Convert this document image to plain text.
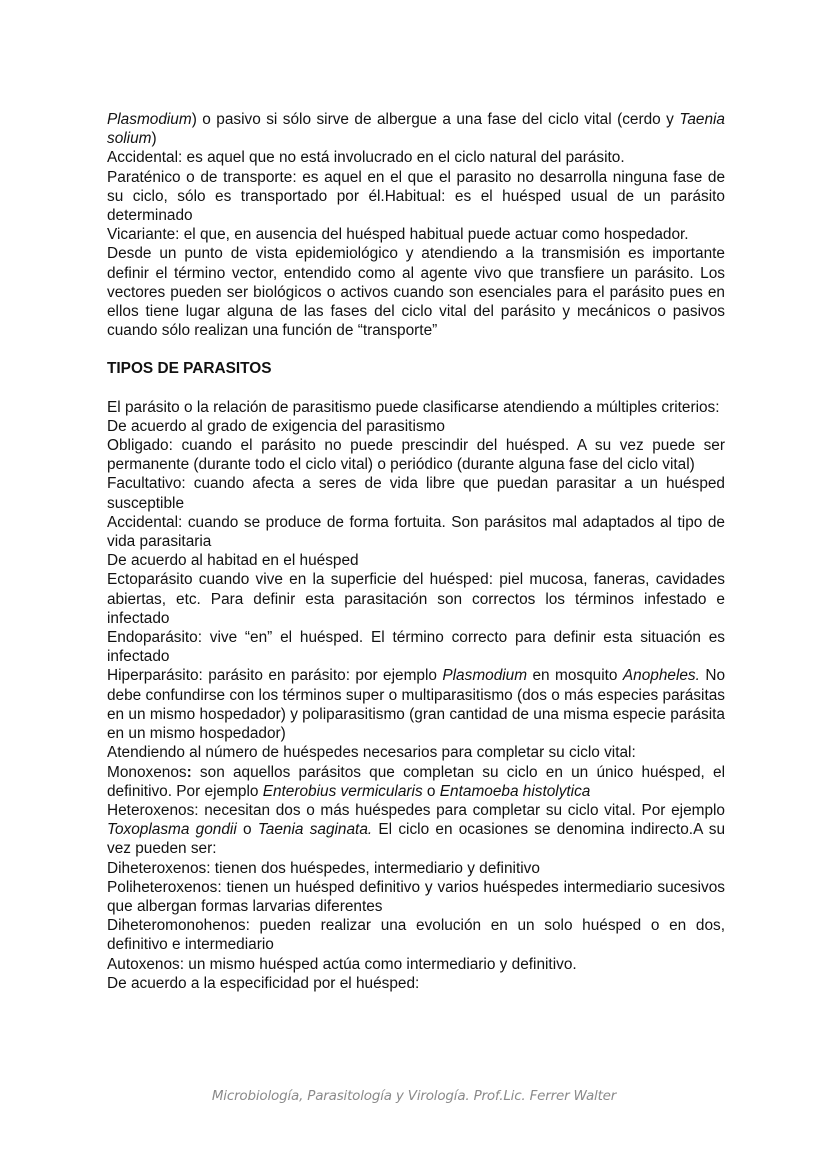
Plasmodium) o pasivo si sólo sirve de albergue a una fase del ciclo vital (cerdo y Taenia solium)

Accidental: es aquel que no está involucrado en el ciclo natural del parásito.

Paraténico o de transporte: es aquel en el que el parasito no desarrolla ninguna fase de su ciclo, sólo es transportado por él.Habitual: es el huésped usual de un parásito determinado

Vicariante: el que, en ausencia del huésped habitual puede actuar como hospedador.

Desde un punto de vista epidemiológico y atendiendo a la transmisión es importante definir el término vector, entendido como al agente vivo que transfiere un parásito. Los vectores pueden ser biológicos o activos cuando son esenciales para el parásito pues en ellos tiene lugar alguna de las fases del ciclo vital del parásito y mecánicos o pasivos cuando sólo realizan una función de “transporte”

TIPOS DE PARASITOS

El parásito o la relación de parasitismo puede clasificarse atendiendo a múltiples criterios:

De acuerdo al grado de exigencia del parasitismo

Obligado: cuando el parásito no puede prescindir del huésped. A su vez puede ser permanente (durante todo el ciclo vital) o periódico (durante alguna fase del ciclo vital)

Facultativo: cuando afecta a seres de vida libre que puedan parasitar a un huésped susceptible

Accidental: cuando se produce de forma fortuita. Son parásitos mal adaptados al tipo de vida parasitaria

De acuerdo al habitad en el huésped

Ectoparásito cuando vive en la superficie del huésped: piel mucosa, faneras, cavidades abiertas, etc. Para definir esta parasitación son correctos los términos infestado e infectado

Endoparásito: vive “en” el huésped. El término correcto para definir esta situación es infectado

Hiperparásito: parásito en parásito: por ejemplo Plasmodium en mosquito Anopheles. No debe confundirse con los términos super o multiparasitismo (dos o más especies parásitas en un mismo hospedador) y poliparasitismo (gran cantidad de una misma especie parásita en un mismo hospedador)

Atendiendo al número de huéspedes necesarios para completar su ciclo vital:

Monoxenos: son aquellos parásitos que completan su ciclo en un único huésped, el definitivo. Por ejemplo Enterobius vermicularis o Entamoeba histolytica

Heteroxenos: necesitan dos o más huéspedes para completar su ciclo vital. Por ejemplo Toxoplasma gondii o Taenia saginata. El ciclo en ocasiones se denomina indirecto.A su vez pueden ser:

Diheteroxenos: tienen dos huéspedes, intermediario y definitivo

Poliheteroxenos: tienen un huésped definitivo y varios huéspedes intermediario sucesivos que albergan formas larvarias diferentes

Diheteromonohenos: pueden realizar una evolución en un solo huésped o en dos, definitivo e intermediario

Autoxenos: un mismo huésped actúa como intermediario y definitivo.

De acuerdo a la especificidad por el huésped:

Microbiología, Parasitología y Virología. Prof.Lic. Ferrer Walter
